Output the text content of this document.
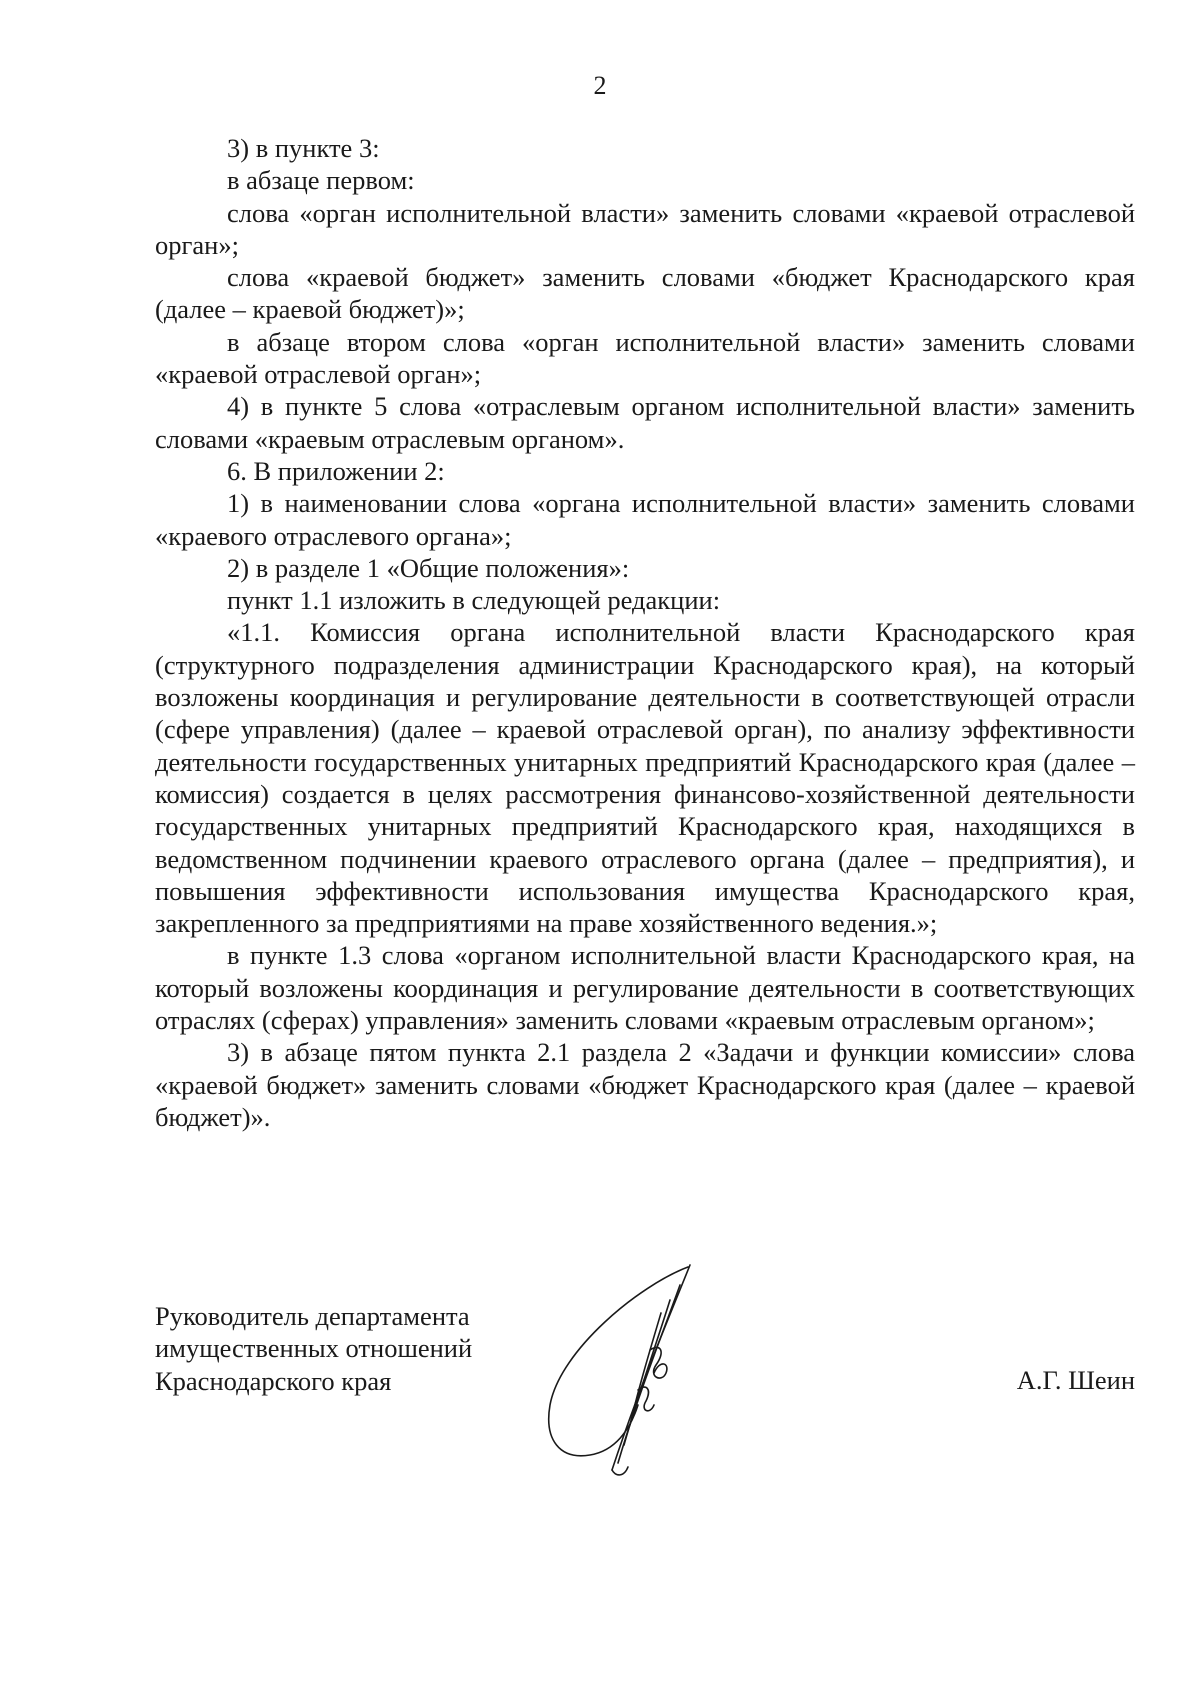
2

3) в пункте 3:

в абзаце первом:

слова «орган исполнительной власти» заменить словами «краевой отраслевой орган»;

слова «краевой бюджет» заменить словами «бюджет Краснодарского края (далее – краевой бюджет)»;

в абзаце втором слова «орган исполнительной власти» заменить словами «краевой отраслевой орган»;

4) в пункте 5 слова «отраслевым органом исполнительной власти» заменить словами «краевым отраслевым органом».

6. В приложении 2:

1) в наименовании слова «органа исполнительной власти» заменить словами «краевого отраслевого органа»;

2) в разделе 1 «Общие положения»:

пункт 1.1 изложить в следующей редакции:

«1.1. Комиссия органа исполнительной власти Краснодарского края (структурного подразделения администрации Краснодарского края), на который возложены координация и регулирование деятельности в соответствующей отрасли (сфере управления) (далее – краевой отраслевой орган), по анализу эффективности деятельности государственных унитарных предприятий Краснодарского края (далее – комиссия) создается в целях рассмотрения финансово-хозяйственной деятельности государственных унитарных предприятий Краснодарского края, находящихся в ведомственном подчинении краевого отраслевого органа (далее – предприятия), и повышения эффективности использования имущества Краснодарского края, закрепленного за предприятиями на праве хозяйственного ведения.»;

в пункте 1.3 слова «органом исполнительной власти Краснодарского края, на который возложены координация и регулирование деятельности в соответствующих отраслях (сферах) управления» заменить словами «краевым отраслевым органом»;

3) в абзаце пятом пункта 2.1 раздела 2 «Задачи и функции комиссии» слова «краевой бюджет» заменить словами «бюджет Краснодарского края (далее – краевой бюджет)».

Руководитель департамента
имущественных отношений
Краснодарского края	А.Г. Шеин
